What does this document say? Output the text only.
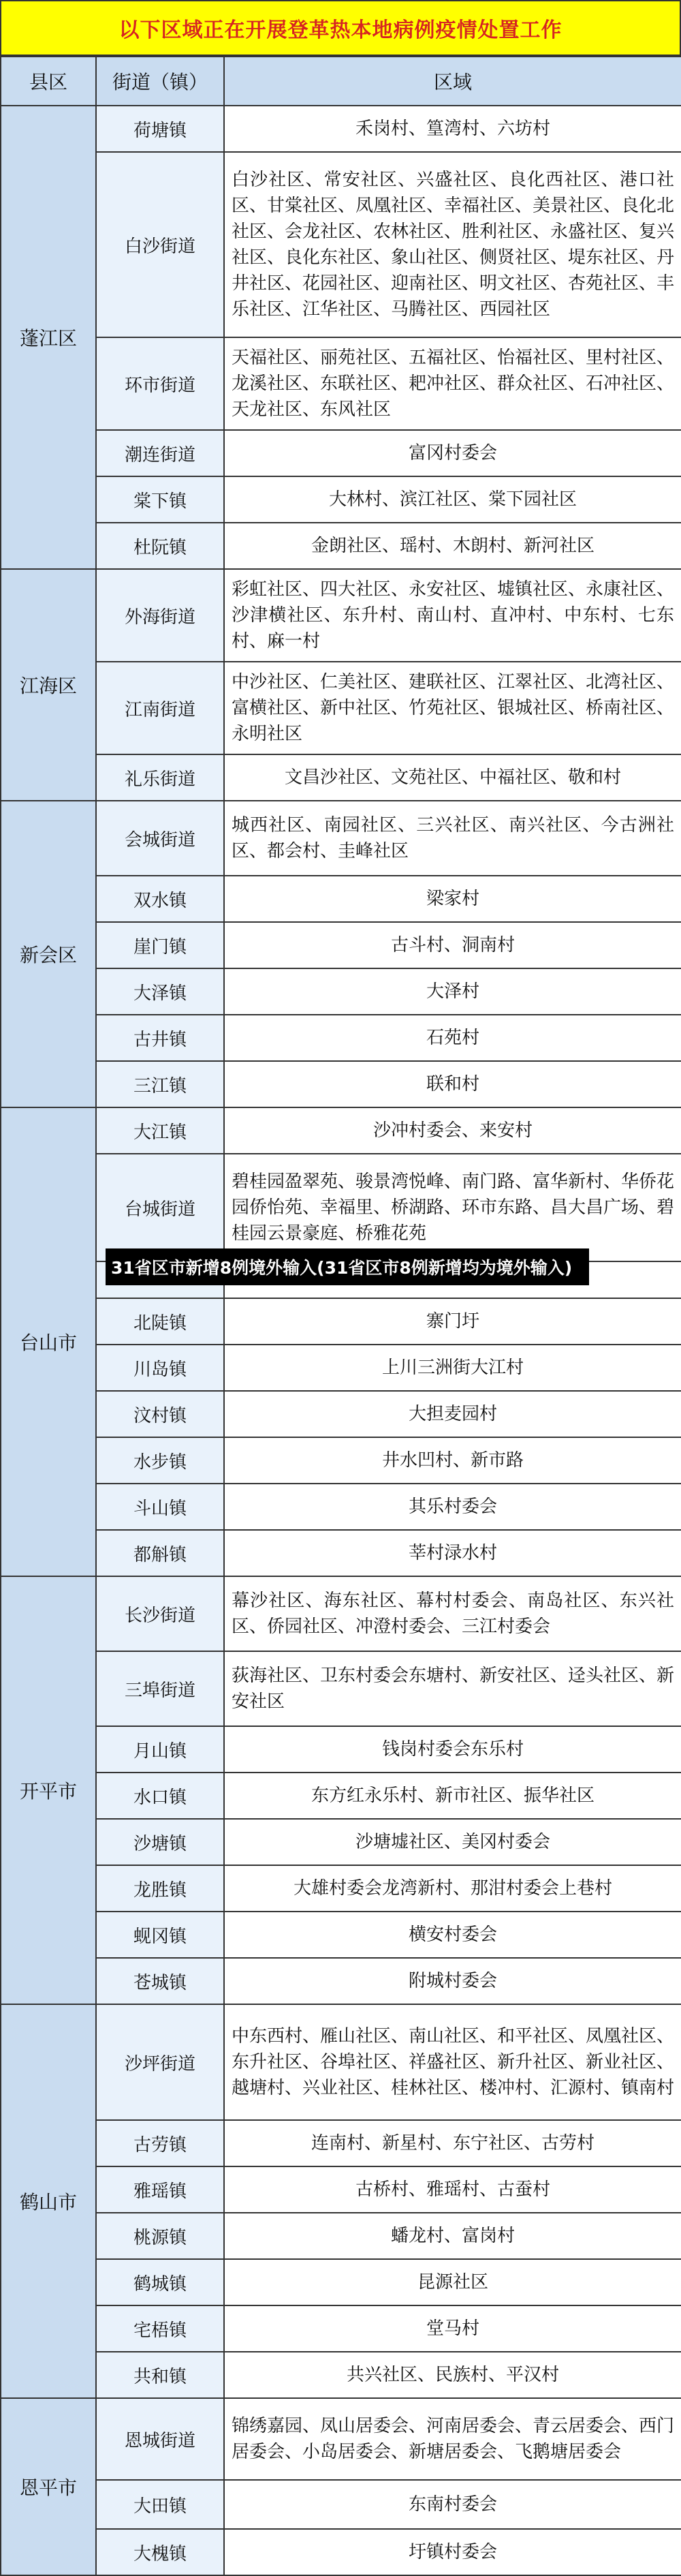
以下区域正在开展登革热本地病例疫情处置工作
县区	街道（镇）	区域
蓬江区	荷塘镇	禾岗村、篁湾村、六坊村
	白沙街道	白沙社区、常安社区、兴盛社区、良化西社区、港口社区、甘棠社区、凤凰社区、幸福社区、美景社区、良化北社区、会龙社区、农林社区、胜利社区、永盛社区、复兴社区、良化东社区、象山社区、侧贤社区、堤东社区、丹井社区、花园社区、迎南社区、明文社区、杏苑社区、丰乐社区、江华社区、马腾社区、西园社区
	环市街道	天福社区、丽苑社区、五福社区、怡福社区、里村社区、龙溪社区、东联社区、耙冲社区、群众社区、石冲社区、天龙社区、东风社区
	潮连街道	富冈村委会
	棠下镇	大林村、滨江社区、棠下园社区
	杜阮镇	金朗社区、瑶村、木朗村、新河社区
江海区	外海街道	彩虹社区、四大社区、永安社区、墟镇社区、永康社区、沙津横社区、东升村、南山村、直冲村、中东村、七东村、麻一村
	江南街道	中沙社区、仁美社区、建联社区、江翠社区、北湾社区、富横社区、新中社区、竹苑社区、银城社区、桥南社区、永明社区
	礼乐街道	文昌沙社区、文苑社区、中福社区、敬和村
新会区	会城街道	城西社区、南园社区、三兴社区、南兴社区、今古洲社区、都会村、圭峰社区
	双水镇	梁家村
	崖门镇	古斗村、洞南村
	大泽镇	大泽村
	古井镇	石苑村
	三江镇	联和村
台山市	大江镇	沙冲村委会、来安村
	台城街道	碧桂园盈翠苑、骏景湾悦峰、南门路、富华新村、华侨花园侨怡苑、幸福里、桥湖路、环市东路、昌大昌广场、碧桂园云景豪庭、桥雅花苑

	北陡镇	寨门圩
	川岛镇	上川三洲街大江村
	汶村镇	大担麦园村
	水步镇	井水凹村、新市路
	斗山镇	其乐村委会
	都斛镇	莘村渌水村
开平市	长沙街道	幕沙社区、海东社区、幕村村委会、南岛社区、东兴社区、侨园社区、冲澄村委会、三江村委会
	三埠街道	荻海社区、卫东村委会东塘村、新安社区、迳头社区、新安社区
	月山镇	钱岗村委会东乐村
	水口镇	东方红永乐村、新市社区、振华社区
	沙塘镇	沙塘墟社区、美冈村委会
	龙胜镇	大雄村委会龙湾新村、那泔村委会上巷村
	蚬冈镇	横安村委会
	苍城镇	附城村委会
鹤山市	沙坪街道	中东西村、雁山社区、南山社区、和平社区、凤凰社区、东升社区、谷埠社区、祥盛社区、新升社区、新业社区、越塘村、兴业社区、桂林社区、楼冲村、汇源村、镇南村
	古劳镇	连南村、新星村、东宁社区、古劳村
	雅瑶镇	古桥村、雅瑶村、古蚕村
	桃源镇	蟠龙村、富岗村
	鹤城镇	昆源社区
	宅梧镇	堂马村
	共和镇	共兴社区、民族村、平汉村
恩平市	恩城街道	锦绣嘉园、凤山居委会、河南居委会、青云居委会、西门居委会、小岛居委会、新塘居委会、飞鹅塘居委会
	大田镇	东南村委会
	大槐镇	圩镇村委会
31省区市新增8例境外输入(31省区市8例新增均为境外输入)
